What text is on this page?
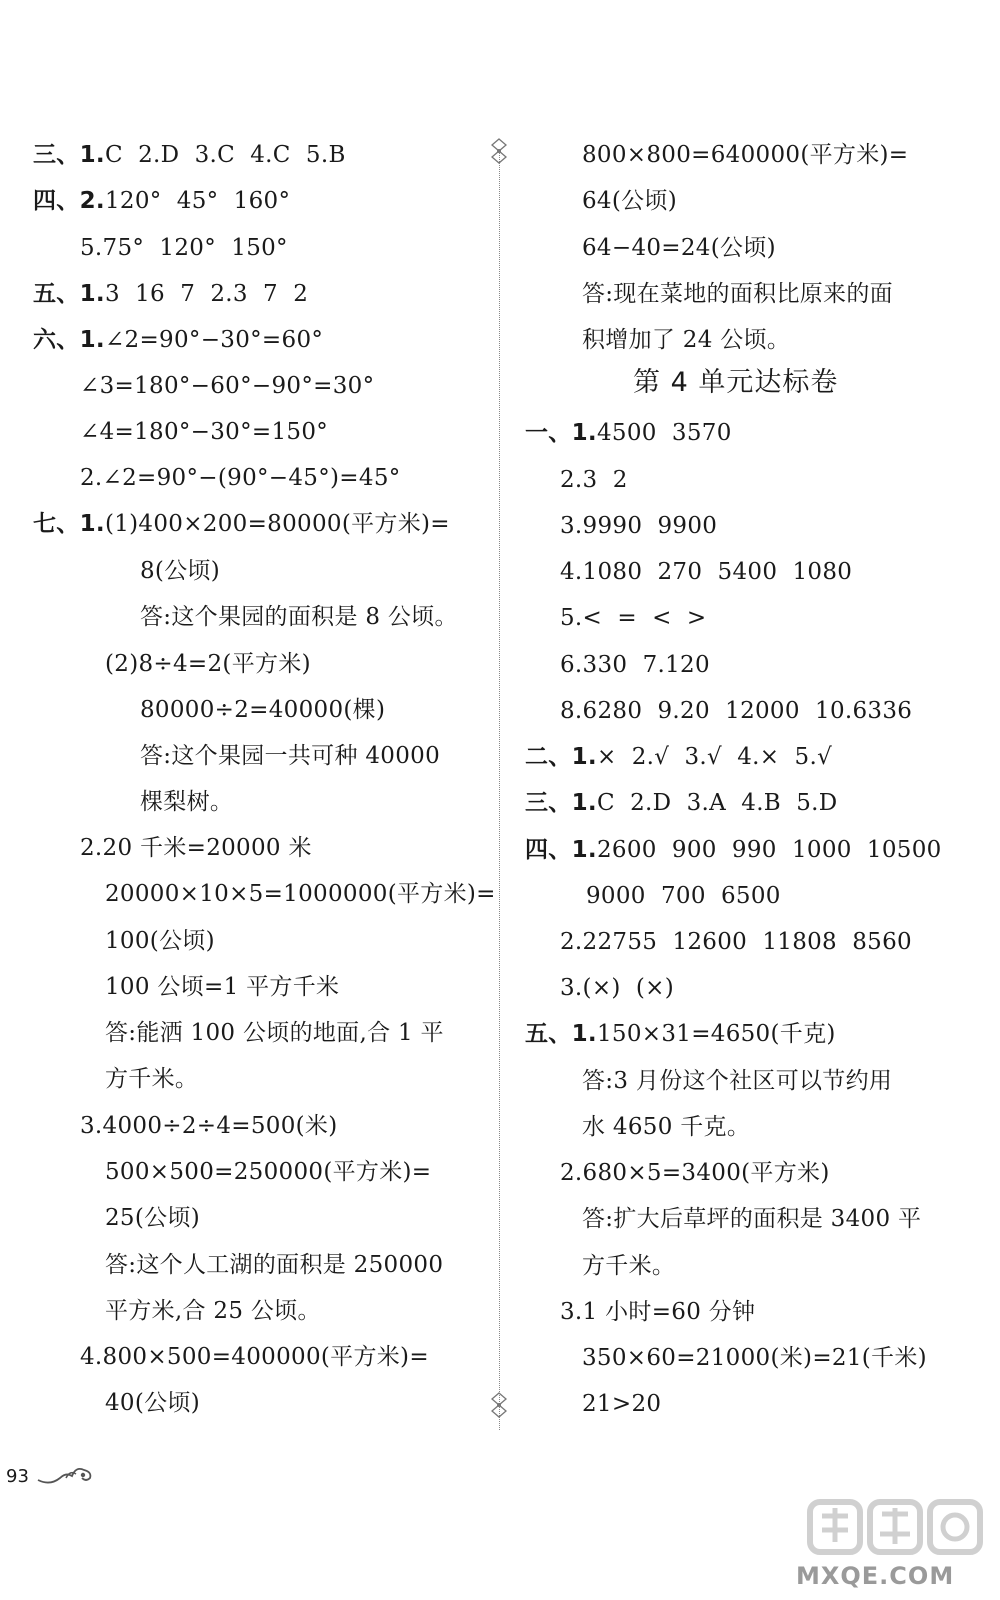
三、1.C  2.D  3.C  4.C  5.B
四、2.120°  45°  160°
5.75°  120°  150°
五、1.3  16  7  2.3  7  2
六、1.∠2=90°−30°=60°
∠3=180°−60°−90°=30°
∠4=180°−30°=150°
2.∠2=90°−(90°−45°)=45°
七、1.(1)400×200=80000(平方米)=
8(公顷)
答:这个果园的面积是 8 公顷。
(2)8÷4=2(平方米)
80000÷2=40000(棵)
答:这个果园一共可种 40000
棵梨树。
2.20 千米=20000 米
20000×10×5=1000000(平方米)=
100(公顷)
100 公顷=1 平方千米
答:能洒 100 公顷的地面,合 1 平
方千米。
3.4000÷2÷4=500(米)
500×500=250000(平方米)=
25(公顷)
答:这个人工湖的面积是 250000
平方米,合 25 公顷。
4.800×500=400000(平方米)=
40(公顷)
800×800=640000(平方米)=
64(公顷)
64−40=24(公顷)
答:现在菜地的面积比原来的面
积增加了 24 公顷。
第 4 单元达标卷
一、1.4500  3570
2.3  2
3.9990  9900
4.1080  270  5400  1080
5.<  =  <  >
6.330  7.120
8.6280  9.20  12000  10.6336
二、1.×  2.√  3.√  4.×  5.√
三、1.C  2.D  3.A  4.B  5.D
四、1.2600  900  990  1000  10500
9000  700  6500
2.22755  12600  11808  8560
3.(×)  (×)
五、1.150×31=4650(千克)
答:3 月份这个社区可以节约用
水 4650 千克。
2.680×5=3400(平方米)
答:扩大后草坪的面积是 3400 平
方千米。
3.1 小时=60 分钟
350×60=21000(米)=21(千米)
21>20
93
MXQE.COM
